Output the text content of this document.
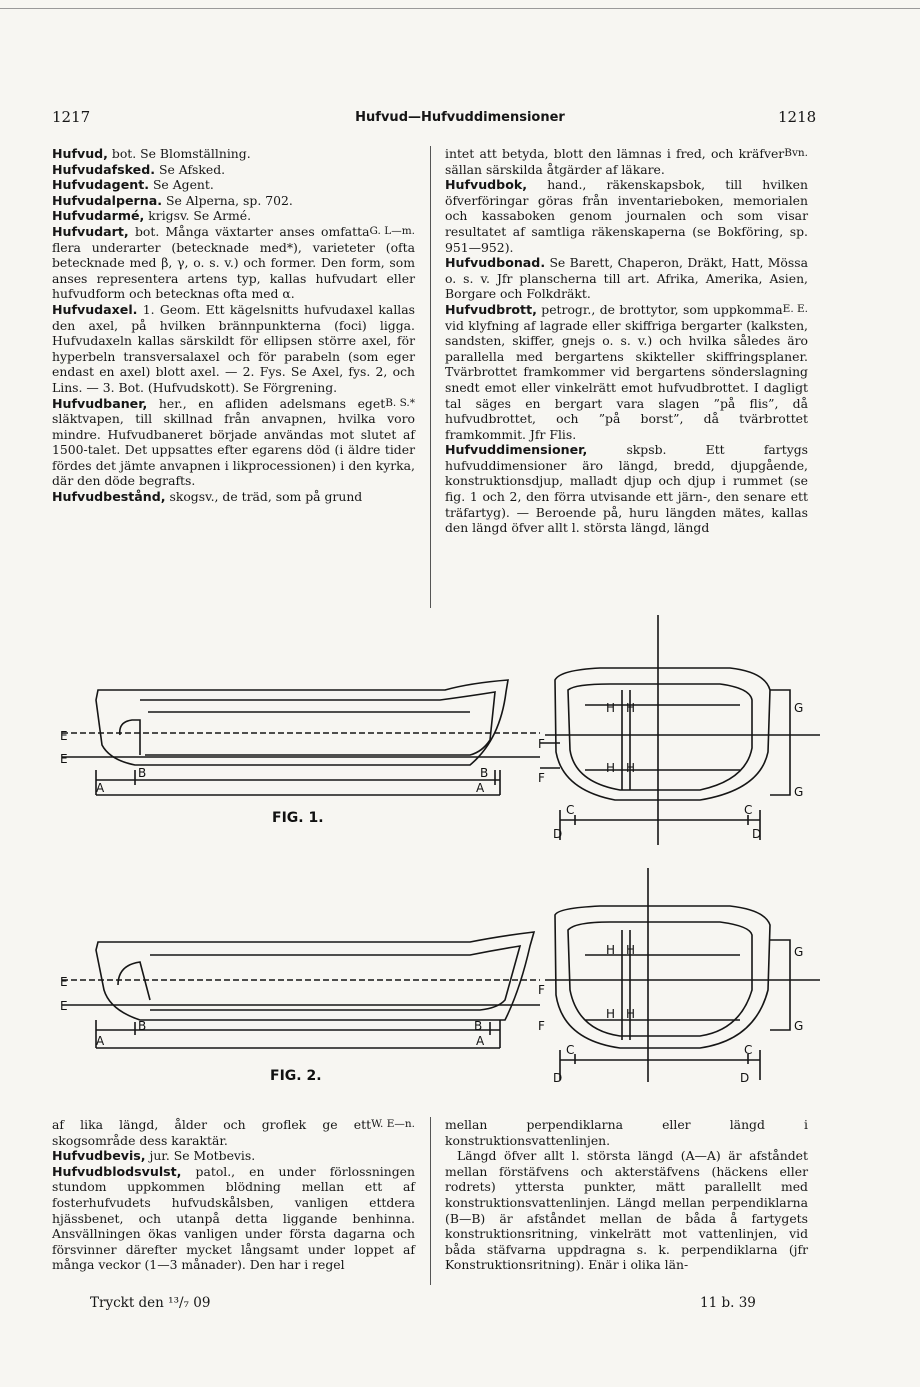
1217	Hufvud—Hufvuddimensioner	1218

Hufvud, bot. Se Blomställning.

Hufvudafsked. Se Afsked.

Hufvudagent. Se Agent.

Hufvudalperna. Se Alperna, sp. 702.

Hufvudarmé, krigsv. Se Armé.

G. L—m.
Hufvudart, bot. Många växtarter anses omfatta flera underarter (betecknade med*), varieteter (ofta betecknade med β, γ, o. s. v.) och former. Den form, som anses representera artens typ, kallas hufvudart eller hufvudform och betecknas ofta med α.

Hufvudaxel. 1. Geom. Ett kägelsnitts hufvudaxel kallas den axel, på hvilken brännpunkterna (foci) ligga. Hufvudaxeln kallas särskildt för ellipsen större axel, för hyperbeln transversalaxel och för parabeln (som eger endast en axel) blott axel. — 2. Fys. Se Axel, fys. 2, och Lins. — 3. Bot. (Hufvudskott). Se Förgrening.

B. S.*
Hufvudbaner, her., en afliden adelsmans eget släktvapen, till skillnad från anvapnen, hvilka voro mindre. Hufvudbaneret började användas mot slutet af 1500-talet. Det uppsattes efter egarens död (i äldre tider fördes det jämte anvapnen i likprocessionen) i den kyrka, där den döde begrafts.

Hufvudbestånd, skogsv., de träd, som på grund

Bvn.
intet att betyda, blott den lämnas i fred, och kräfver sällan särskilda åtgärder af läkare.

Hufvudbok, hand., räkenskapsbok, till hvilken öfverföringar göras från inventarieboken, memorialen och kassaboken genom journalen och som visar resultatet af samtliga räkenskaperna (se Bokföring, sp. 951—952).

Hufvudbonad. Se Barett, Chaperon, Dräkt, Hatt, Mössa o. s. v. Jfr planscherna till art. Afrika, Amerika, Asien, Borgare och Folkdräkt.

E. E.
Hufvudbrott, petrogr., de brottytor, som uppkomma vid klyfning af lagrade eller skiffriga bergarter (kalksten, sandsten, skiffer, gnejs o. s. v.) och hvilka således äro parallella med bergartens skiktеller skiffringsplaner. Tvärbrottet framkommer vid bergartens sönderslagning snedt emot eller vinkelrätt emot hufvudbrottet. I dagligt tal säges en bergart vara slagen ”på flis”, då hufvudbrottet, och ”på borst”, då tvärbrottet framkommit. Jfr Flis.

Hufvuddimensioner, skpsb. Ett fartygs hufvuddimensioner äro längd, bredd, djupgående, konstruktionsdjup, malladt djup och djup i rummet (se fig. 1 och 2, den förra utvisande ett järn-, den senare ett träfartyg). — Beroende på, huru längden mätes, kallas den längd öfver allt l. största längd, längd

W. E—n.
af lika längd, ålder och groflek ge ett skogsområde dess karaktär.

Hufvudbevis, jur. Se Motbevis.

Hufvudblodsvulst, patol., en under förlossningen stundom uppkommen blödning mellan ett af fosterhufvudets hufvudskålsben, vanligen ettdera hjässbenet, och utanpå detta liggande benhinna. Ansvällningen ökas vanligen under första dagarna och försvinner därefter mycket långsamt under loppet af många veckor (1—3 månader). Den har i regel

mellan perpendiklarna eller längd i konstruktionsvattenlinjen.

Längd öfver allt l. största längd (A—A) är afståndet mellan förstäfvens och akterstäfvens (häckens eller rodrets) yttersta punkter, mätt parallellt med konstruktionsvattenlinjen. Längd mellan perpendiklarna (B—B) är afståndet mellan de båda å fartygets konstruktionsritning, vinkelrätt mot vattenlinjen, vid båda stäfvarna uppdragna s. k. perpendiklarna (jfr Konstruktionsritning). Enär i olika län-

E
E
A	A
B	B
F
F
H H
H H
C	C
G
G
D	D
FIG. 1.
E
E
A	A
B	B
F
F
H H
H H
C	C
G
G
D	D
FIG. 2.
Tryckt den ¹³/₇ 09	11 b. 39
